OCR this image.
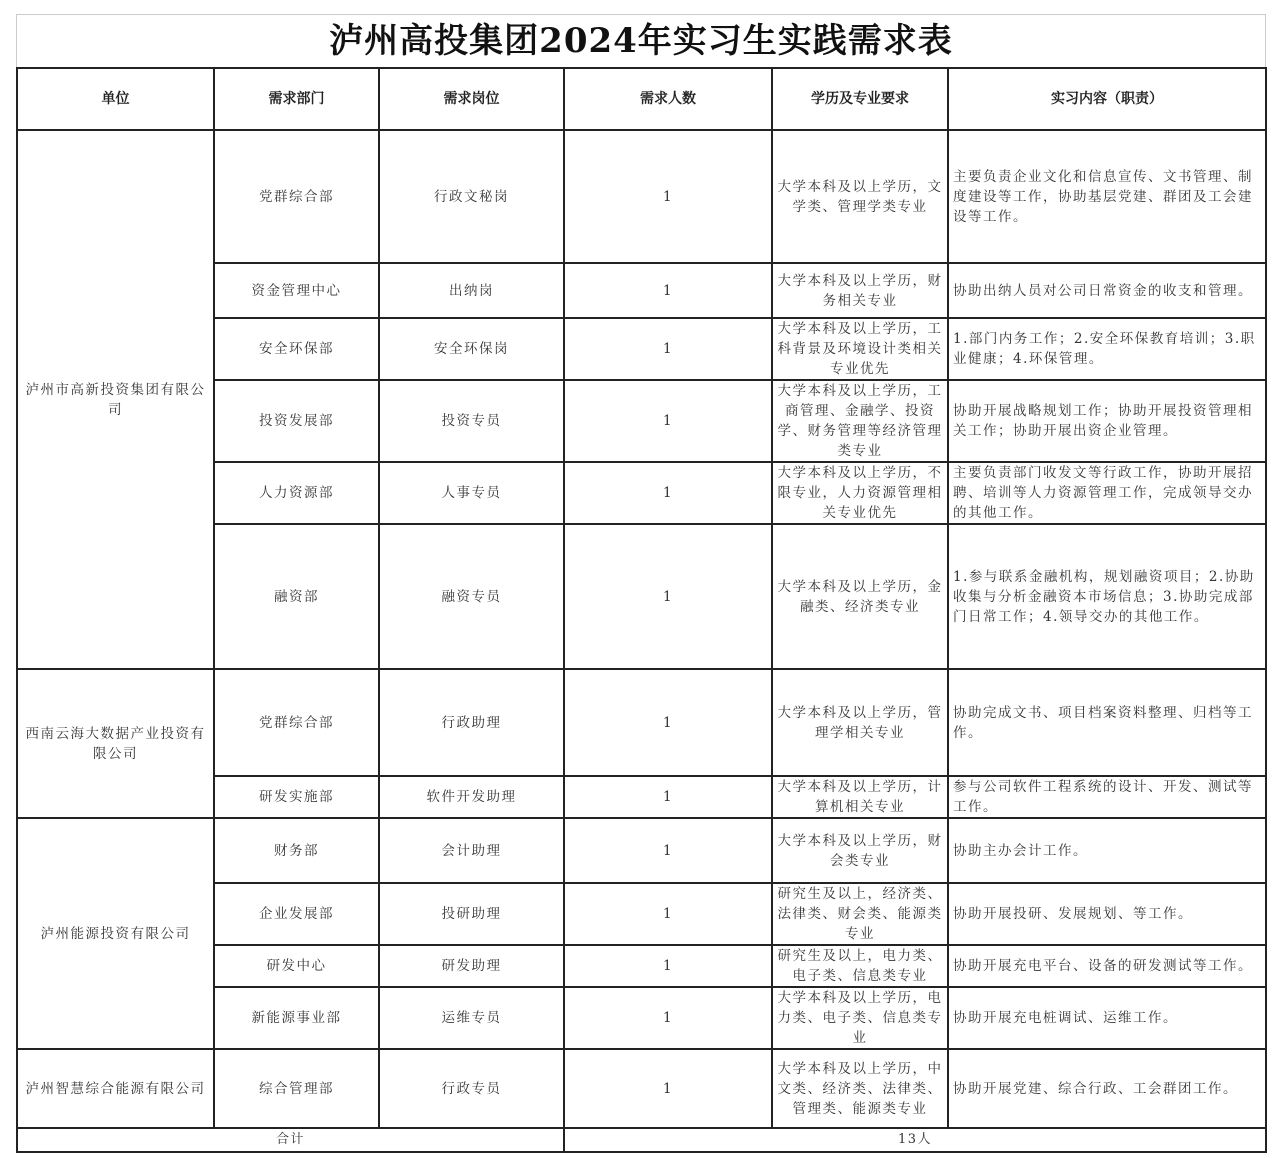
泸州高投集团2024年实习生实践需求表
单位	需求部门	需求岗位	需求人数	学历及专业要求	实习内容（职责）
泸州市高新投资集团有限公司	党群综合部	行政文秘岗	1	大学本科及以上学历，文学类、管理学类专业	主要负责企业文化和信息宣传、文书管理、制度建设等工作，协助基层党建、群团及工会建设等工作。
	资金管理中心	出纳岗	1	大学本科及以上学历，财务相关专业	协助出纳人员对公司日常资金的收支和管理。
	安全环保部	安全环保岗	1	大学本科及以上学历，工科背景及环境设计类相关专业优先	1.部门内务工作；2.安全环保教育培训；3.职业健康；4.环保管理。
	投资发展部	投资专员	1	大学本科及以上学历，工商管理、金融学、投资学、财务管理等经济管理类专业	协助开展战略规划工作；协助开展投资管理相关工作；协助开展出资企业管理。
	人力资源部	人事专员	1	大学本科及以上学历，不限专业，人力资源管理相关专业优先	主要负责部门收发文等行政工作，协助开展招聘、培训等人力资源管理工作，完成领导交办的其他工作。
	融资部	融资专员	1	大学本科及以上学历，金融类、经济类专业	1.参与联系金融机构，规划融资项目；2.协助收集与分析金融资本市场信息；3.协助完成部门日常工作；4.领导交办的其他工作。
西南云海大数据产业投资有限公司	党群综合部	行政助理	1	大学本科及以上学历，管理学相关专业	协助完成文书、项目档案资料整理、归档等工作。
	研发实施部	软件开发助理	1	大学本科及以上学历，计算机相关专业	参与公司软件工程系统的设计、开发、测试等工作。
泸州能源投资有限公司	财务部	会计助理	1	大学本科及以上学历，财会类专业	协助主办会计工作。
	企业发展部	投研助理	1	研究生及以上，经济类、法律类、财会类、能源类专业	协助开展投研、发展规划、等工作。
	研发中心	研发助理	1	研究生及以上，电力类、电子类、信息类专业	协助开展充电平台、设备的研发测试等工作。
	新能源事业部	运维专员	1	大学本科及以上学历，电力类、电子类、信息类专业	协助开展充电桩调试、运维工作。
泸州智慧综合能源有限公司	综合管理部	行政专员	1	大学本科及以上学历，中文类、经济类、法律类、管理类、能源类专业	协助开展党建、综合行政、工会群团工作。
合计			13人		
